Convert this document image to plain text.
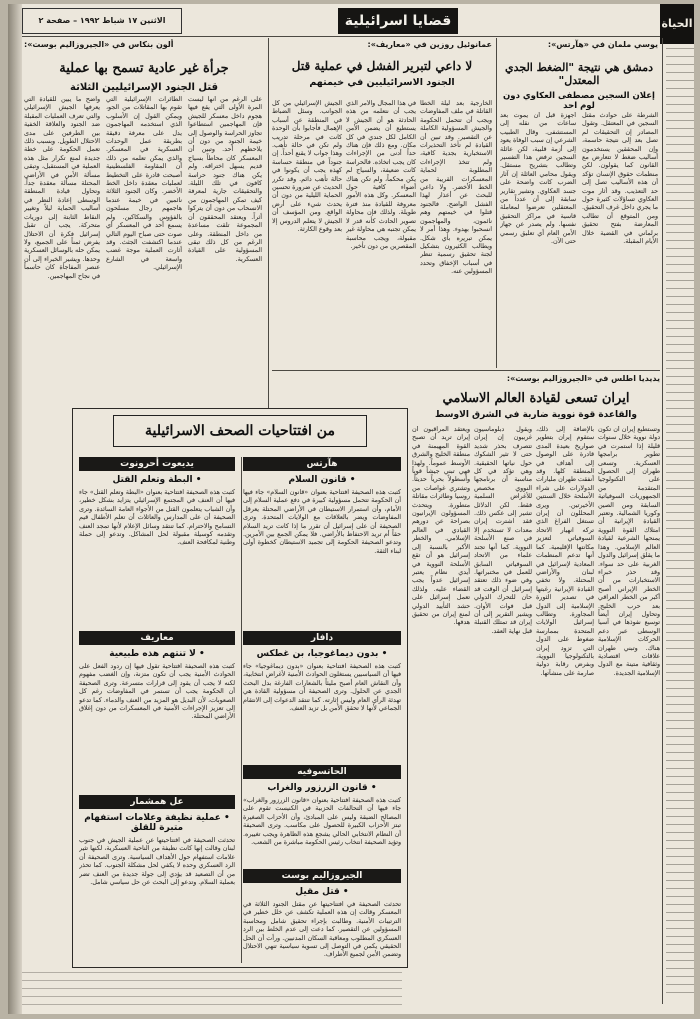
الاثنين ١٧ شباط ١٩٩٢ – صفحة ٢	قضايا اسرائيلية	الحياة
ألون بنكاس في «الجيروزاليم بوست»:
جرأة غير عادية تسمح بها عملية
قتل الجنود الإسرائيليين الثلاثة
على الرغم من أنها ليست المرة الأولى التي يقع فيها هجوم داخل معسكر للجيش فإن المهاجمين استطاعوا تجاوز الحراسة والوصول إلى خيمة الجنود من دون أن يلاحظهم أحد. وتبين أن المعسكر كان محاطاً بسياج قديم يسهل اختراقه. ولم يكن هناك جنود حراسة كافون في تلك الليلة. والتحقيقات جارية لمعرفة كيف تمكن المهاجمون من الانسحاب من دون أن يتركوا أثراً. ويعتقد المحققون أن المجموعة تلقت مساعدة من داخل المنطقة. وعلى الرغم من كل ذلك تبقى المسؤولية على القيادة العسكرية.
الطائرات الإسرائيلية التي تقوم بها المقاتلات من الجو، ويمكن القول إن الأسلوب الذي استخدمه المهاجمون يدل على معرفة دقيقة بطريقة عمل الوحدات العسكرية في المعسكر. والذي يمكن تعلمه من ذلك أن المقاومة الفلسطينية أصبحت قادرة على التخطيط لعمليات معقدة داخل الخط الأخضر. وكان الجنود الثلاثة نائمين في خيمة عندما هاجمهم رجال مسلحون بالفؤوس والسكاكين. ولم يسمع أحد في المعسكر أي صوت حتى صباح اليوم التالي عندما اكتشفت الجثث. وقد أثارت العملية موجة غضب واسعة في الشارع الإسرائيلي.
واضح ما يبين للقيادة التي يعرفها الجيش الإسرائيلي والتي تعرف العمليات المقبلة ضد الجنود والعلاقة الخفية بين الطرفين على مدى الاحتلال الطويل. وبسبب ذلك تعمل الحكومة على خطة جديدة لمنع تكرار مثل هذه العملية في المستقبل، وتبقى مسألة الأمن في الأراضي المحتلة مسألة معقدة جداً. وتحاول قيادة المنطقة الوسطى إعادة النظر في أساليب الحماية ليلاً وتغيير النقاط الثابتة إلى دوريات متحركة. يجب أن تقبل إسرائيل فكرة أن الاحتلال يفرض ثمناً على الجميع، ولا يمكن حله بالوسائل العسكرية وحدها. ويشير الخبراء إلى أن عنصر المفاجأة كان حاسماً في نجاح المهاجمين.
عمانوئيل روزين في «معاريف»:
لا داعي لتبرير الفشل في عملية قتل
الجنود الاسرائيليين في خيمتهم
الخارجية بعد ليلة الخطأ القاتلة في ملف المفاوضات ويجب أن تتحمل الحكومة والجيش المسؤولية الكاملة عن التقصير. وقد تبين أن القيادة لم تأخذ التحذيرات الاستخبارية بجدية كافية، ولم تتخذ الإجراءات المطلوبة لحماية المعسكرات القريبة من الخط الأخضر. ولا داعي للبحث عن أعذار لهذا الفشل الواضح. فالجنود قتلوا في خيمتهم وهم نائمون، والمهاجمون انسحبوا بهدوء. وهذا أمر لا يمكن تبريره بأي شكل. ويطالب الكثيرون بتشكيل لجنة تحقيق رسمية تنظر في أسباب الإخفاق وتحدد المسؤولين عنه.
في هذا المجال والأمر الذي يجب أن نتعلمه من هذه الحادثة هو أن الجيش لا يستطيع أن يضمن الأمن الكامل لكل جندي في كل مكان. ومع ذلك فإن هناك حداً أدنى من الإجراءات كان يجب اتخاذه. فالحراسة كانت ضعيفة، والسياج لم يكن محكماً، ولم تكن هناك أضواء كافية حول المعسكر. وكل هذه الأمور معروفة للقيادة منذ فترة طويلة. ولذلك فإن محاولة تصوير الحادث كأنه قدر لا يمكن تجنبه هي محاولة غير مقبولة، ويجب محاسبة المقصرين من دون تأخير.
الجيش الإسرائيلي من كل الجوانب. وسئل الضباط في المنطقة عن أسباب الإهمال فأجابوا بأن الوحدة كانت في مرحلة تدريب ولم تكن في حالة تأهب. وهذا جواب لا يقنع أحداً. إن جنوداً في منطقة حساسة كهذه يجب أن يكونوا في حالة تأهب دائم. وقد تكرر الحديث عن ضرورة تحسين الحماية الليلية من دون أن يحدث شيء على أرض الواقع. ومن المؤسف أن الجيش لا يتعلم الدروس إلا بعد وقوع الكارثة.
يوسي ملمان في «هآرتس»:
دمشق هي نتيجة "الضغط الجدي المعتدل"
إعلان السجين مصطفى العكاوي دون لوم احد
الشرطة على حوادث مقتل السجين في المعتقل. وتقول المصادر إن التحقيقات لم تصل بعد إلى نتيجة حاسمة، وإن المحققين يستخدمون أساليب ضغط لا تتعارض مع القانون كما يقولون. لكن منظمات حقوق الإنسان تؤكد أن هذه الأساليب تصل إلى حد التعذيب. وقد أثار موت العكاوي تساؤلات كثيرة حول ما يجري داخل غرف التحقيق. ومن المتوقع أن تطالب المعارضة بفتح تحقيق برلماني في القضية خلال الأيام المقبلة.
أجهزة قبل أن يموت بعد ساعات من نقله إلى المستشفى. وقال الطبيب الشرعي إن سبب الوفاة يعود إلى أزمة قلبية، لكن عائلة السجين ترفض هذا التفسير وتطالب بتشريح مستقل. ويقول محامي العائلة إن آثار الضرب كانت واضحة على جسد العكاوي. وتشير تقارير سابقة إلى أن عدداً من المعتقلين تعرضوا لمعاملة قاسية في مراكز التحقيق نفسها. ولم يصدر عن جهاز الأمن العام أي تعليق رسمي حتى الآن.
يديديا اطلس في «الجيروزاليم بوست»:
ايران تسعى لقيادة العالم الاسلامي
والقاعدة قوة نووية ضاربة في الشرق الاوسط
وتستطيع إيران أن تكون دولة نووية خلال سنوات قليلة إذا استمرت في تطوير برامجها العسكرية. وتسعى طهران إلى الحصول على التكنولوجيا المتقدمة من الجمهوريات السوفياتية السابقة ومن الصين وكوريا الشمالية. وتعتبر القيادة الإيرانية أن امتلاك القوة النووية يمنحها الشرعية لقيادة العالم الإسلامي. وهذا ما يقلق إسرائيل والدول الغربية على حد سواء. وقد حذر خبراء الاستخبارات من أن الخطر الإيراني أصبح أكبر من الخطر العراقي بعد حرب الخليج. وتحاول إيران أيضاً توسيع نفوذها في آسيا الوسطى عبر دعم الحركات الإسلامية هناك. وتبني طهران علاقات اقتصادية وثقافية متينة مع الدول الإسلامية الجديدة.
بالإضافة إلى ذلك، ستقوم إيران بتطوير صواريخ بعيدة المدى قادرة على الوصول إلى أهداف في المنطقة كلها. وقد أنفقت طهران مليارات الدولارات على شراء الأسلحة خلال السنتين الأخيرتين. ويرى المحللون أن إيران تستغل الفراغ الذي تركه انهيار الاتحاد السوفياتي لتعزيز مكانتها الإقليمية. كما أنها تدعم المنظمات المعادية لإسرائيل في لبنان والأراضي المحتلة. ولا تخفي القيادة الإيرانية رغبتها في تصدير الثورة الإسلامية إلى الدول المجاورة. وتطالب إسرائيل الولايات المتحدة بممارسة ضغوط على الدول التي تزود إيران بالتكنولوجيا النووية، وبفرض رقابة دولية صارمة على منشآتها.
ويقول دبلوماسيون غربيون إن إيران تتصرف بحذر شديد حتى لا تثير الشكوك حول نياتها الحقيقية. وهي تؤكد في كل مناسبة أن برنامجها النووي مخصص للأغراض السلمية فقط. لكن الدلائل تشير إلى عكس ذلك. فقد اشترت إيران معدات لا تستخدم إلا في صنع الأسلحة النووية. كما أنها تجند علماء من الاتحاد السوفياتي السابق للعمل في مختبراتها. وفي ضوء ذلك تعتقد إسرائيل أن الوقت قد حان للتحرك الدولي قبل فوات الأوان. ويشير التقرير إلى أن إيران قد تمتلك القنبلة قبل نهاية العقد.
ويعتقد المراقبون أن إيران تريد أن تصبح القوة المهيمنة في منطقة الخليج والشرق الأوسط عموماً. ولهذا فهي تبني جيشاً قوياً وأسطولاً بحرياً حديثاً. وتشتري غواصات من روسيا وطائرات مقاتلة متطورة. ويتحدث المسؤولون الإيرانيون بصراحة عن دورهم القيادي في العالم الإسلامي. والخطر الأكبر بالنسبة إلى إسرائيل هو أن تقع الأسلحة النووية في أيدي نظام يعتبر إسرائيل عدواً يجب القضاء عليه. ولذلك تعمل إسرائيل على حشد التأييد الدولي لمنع إيران من تحقيق هدفها.
من افتتاحيات الصحف الاسرائيلية
هآرتس
• قانون السلام
كتبت هذه الصحيفة افتتاحية بعنوان «قانون السلام» جاء فيها أن الحكومة تتحمل مسؤولية كبيرة في دفع عملية السلام إلى الأمام، وأن استمرار الاستيطان في الأراضي المحتلة يعرقل المفاوضات ويضر بالعلاقات مع الولايات المتحدة. وترى الصحيفة أن على إسرائيل أن تقرر ما إذا كانت تريد السلام حقاً أم تريد الاحتفاظ بالأراضي. فلا يمكن الجمع بين الأمرين. وتدعو الصحيفة الحكومة إلى تجميد الاستيطان كخطوة أولى لبناء الثقة.
دافار
• بدون ديماغوجيا، بن غطكس
كتبت هذه الصحيفة افتتاحية بعنوان «بدون ديماغوجيا» جاء فيها أن السياسيين يستغلون الحوادث الأمنية لأغراض انتخابية، وأن النقاش العام أصبح مليئاً بالشعارات الفارغة بدل البحث الجدي عن الحلول. وترى الصحيفة أن مسؤولية القادة هي تهدئة الرأي العام وليس إثارته. كما تنتقد الدعوات إلى الانتقام الجماعي لأنها لا تحقق الأمن بل تزيد العنف.
الحاتسوفيه
• قانون الزرزور والغراب
كتبت هذه الصحيفة افتتاحية بعنوان «قانون الزرزور والغراب» جاء فيها أن التحالفات الحزبية في الكنيست تقوم على المصالح الضيقة وليس على المبادئ، وأن الأحزاب الصغيرة تبتز الأحزاب الكبيرة للحصول على مكاسب. وترى الصحيفة أن النظام الانتخابي الحالي يشجع هذه الظاهرة ويجب تغييره. وتؤيد الصحيفة انتخاب رئيس الحكومة مباشرة من الشعب.
الجيروزاليم بوست
• قتل مقيل
تحدثت الصحيفة في افتتاحيتها عن مقتل الجنود الثلاثة في المعسكر وقالت إن هذه العملية تكشف عن خلل خطير في الترتيبات الأمنية. وطالبت بإجراء تحقيق شامل ومحاسبة المسؤولين عن التقصير. كما دعت إلى عدم الخلط بين الرد العسكري المطلوب ومعاقبة السكان المدنيين. ورأت أن الحل الحقيقي يكمن في التوصل إلى تسوية سياسية تنهي الاحتلال وتضمن الأمن لجميع الأطراف.
يديعوت أحرونوت
• البطة وتعلم القتل
كتبت هذه الصحيفة افتتاحية بعنوان «البطة وتعلم القتل» جاء فيها أن العنف في المجتمع الإسرائيلي يتزايد بشكل خطير، وأن الشباب يتعلمون القتل من الأجواء العامة السائدة. وترى الصحيفة أن على المدارس والعائلات أن تعلم الأطفال قيم التسامح والاحترام. كما تنتقد وسائل الإعلام لأنها تمجد العنف وتقدمه كوسيلة مقبولة لحل المشاكل. وتدعو إلى حملة وطنية لمكافحة العنف.
معاريف
• لا تنتهم هذه طبيعية
كتبت هذه الصحيفة افتتاحية تقول فيها إن ردود الفعل على الحوادث الأمنية يجب أن تكون متزنة، وإن الغضب مفهوم لكنه لا يجب أن يقود إلى قرارات متسرعة. وترى الصحيفة أن الحكومة يجب أن تستمر في المفاوضات رغم كل الصعوبات، لأن البديل هو المزيد من العنف والدماء. كما تدعو إلى تعزيز الإجراءات الأمنية في المعسكرات من دون إغلاق الأراضي المحتلة.
عل همشمار
• عملية نظيفة وعلامات استفهام متبرة للقلق
تحدثت الصحيفة في افتتاحيتها عن عملية الجيش في جنوب لبنان وقالت إنها كانت نظيفة من الناحية العسكرية، لكنها تثير علامات استفهام حول الأهداف السياسية. وترى الصحيفة أن الرد العسكري وحده لا يكفي لحل مشكلة الجنوب. كما تحذر من أن التصعيد قد يؤدي إلى جولة جديدة من العنف تضر بعملية السلام. وتدعو إلى البحث عن حل سياسي شامل.
